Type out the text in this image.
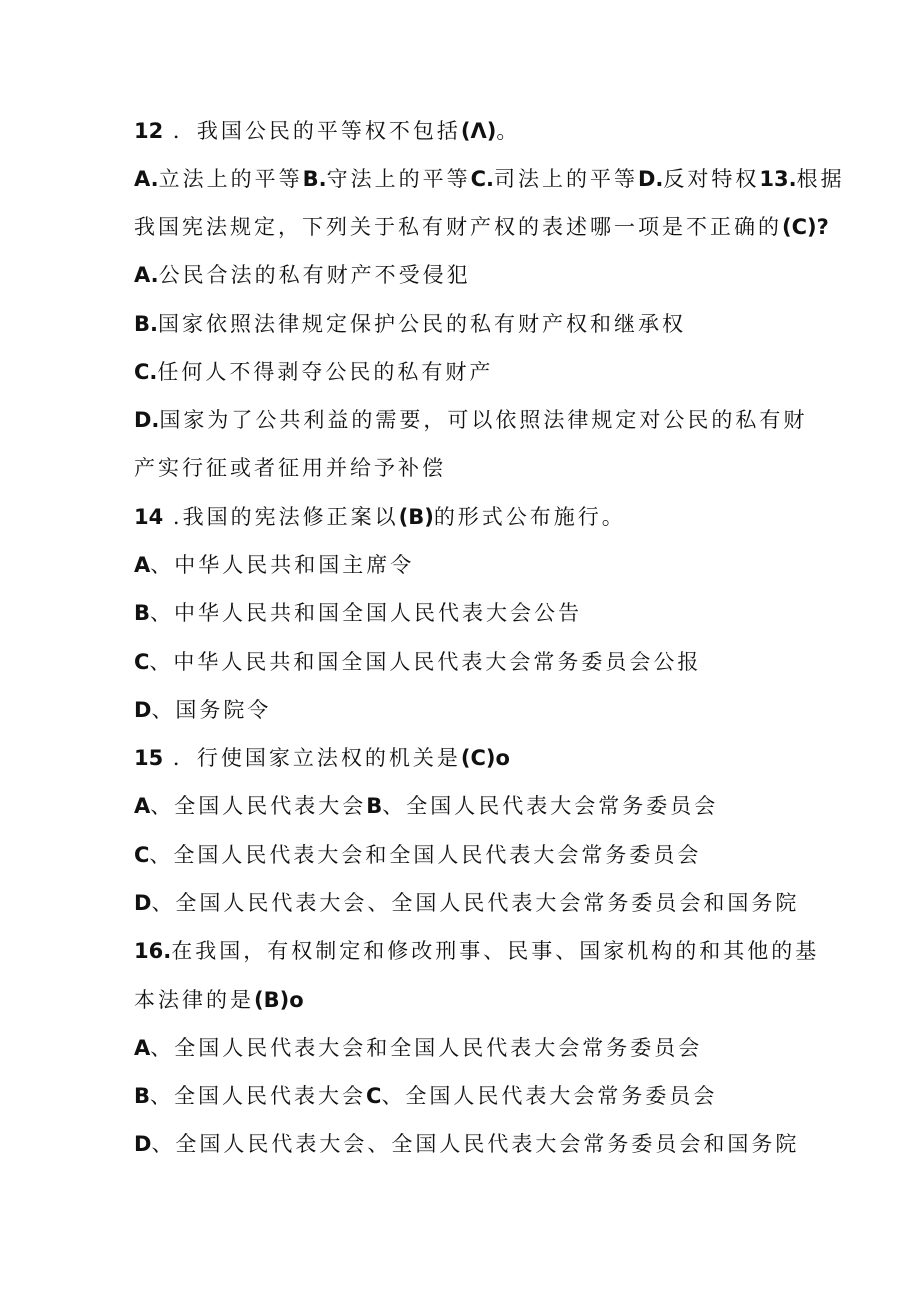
12 ．我国公民的平等权不包括(Λ)。
A.立法上的平等B.守法上的平等C.司法上的平等D.反对特权13.根据
我国宪法规定，下列关于私有财产权的表述哪一项是不正确的(C)?
A.公民合法的私有财产不受侵犯
B.国家依照法律规定保护公民的私有财产权和继承权
C.任何人不得剥夺公民的私有财产
D.国家为了公共利益的需要，可以依照法律规定对公民的私有财
产实行征或者征用并给予补偿
14 .我国的宪法修正案以(B)的形式公布施行。
A、中华人民共和国主席令
B、中华人民共和国全国人民代表大会公告
C、中华人民共和国全国人民代表大会常务委员会公报
D、国务院令
15 ．行使国家立法权的机关是(C)o
A、全国人民代表大会B、全国人民代表大会常务委员会
C、全国人民代表大会和全国人民代表大会常务委员会
D、全国人民代表大会、全国人民代表大会常务委员会和国务院
16.在我国，有权制定和修改刑事、民事、国家机构的和其他的基
本法律的是(B)o
A、全国人民代表大会和全国人民代表大会常务委员会
B、全国人民代表大会C、全国人民代表大会常务委员会
D、全国人民代表大会、全国人民代表大会常务委员会和国务院
